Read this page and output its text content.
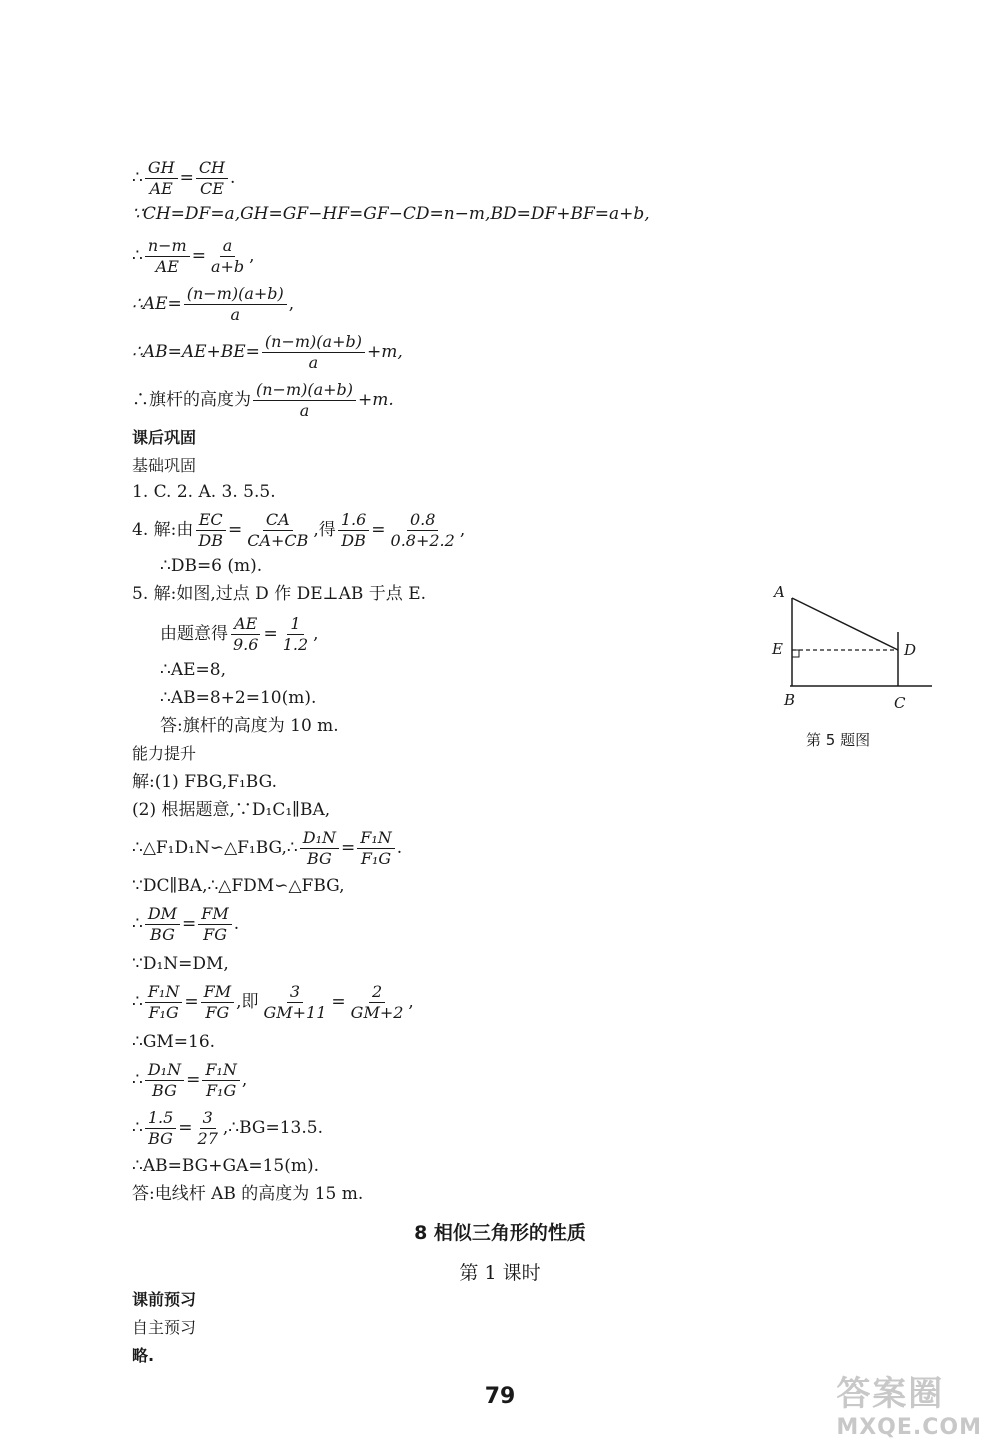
∴ $\frac{GH}{AE} = \frac{CH}{CE}$ .
∵CH=DF=a,GH=GF−HF=GF−CD=n−m,BD=DF+BF=a+b,
∴ $\frac{n-m}{AE} = \frac{a}{a+b}$ ,
∴AE= $\frac{(n-m)(a+b)}{a}$ ,
∴AB=AE+BE= $\frac{(n-m)(a+b)}{a} +m$,
∴旗杆的高度为 $\frac{(n-m)(a+b)}{a} +m$.
课后巩固
基础巩固
1. C. 2. A. 3. 5.5.
4. 解:由 $\frac{EC}{DB} = \frac{CA}{CA+CB}$ ,得 $\frac{1.6}{DB} = \frac{0.8}{0.8+2.2}$ ,
∴DB=6 (m).
5. 解:如图,过点 D 作 DE⊥AB 于点 E.
由题意得 $\frac{AE}{9.6} = \frac{1}{1.2}$ ,
∴AE=8,
∴AB=8+2=10(m).
答:旗杆的高度为 10 m.
能力提升
解:(1) FBG,F₁BG.
(2) 根据题意,∵D₁C₁∥BA,
∴△F₁D₁N∽△F₁BG,∴ $\frac{\text{D₁N}}{BG} = \frac{\text{F₁N}}{\text{F₁G}}$ .
∵DC∥BA,∴△FDM∽△FBG,
∴ $\frac{DM}{BG} = \frac{FM}{FG}$ .
∵D₁N=DM,
∴ $\frac{\text{F₁N}}{\text{F₁G}} = \frac{FM}{FG}$ ,即 $\frac{3}{GM+11} = \frac{2}{GM+2}$ ,
∴GM=16.
∴ $\frac{\text{D₁N}}{BG} = \frac{\text{F₁N}}{\text{F₁G}}$ ,
∴ $\frac{1.5}{BG} = \frac{3}{27}$ ,∴BG=13.5.
∴AB=BG+GA=15(m).
答:电线杆 AB 的高度为 15 m.
8 相似三角形的性质
第 1 课时
课前预习
自主预习
略.
79
A
E
B	C
D
第 5 题图
答案圈
MXQE.COM
